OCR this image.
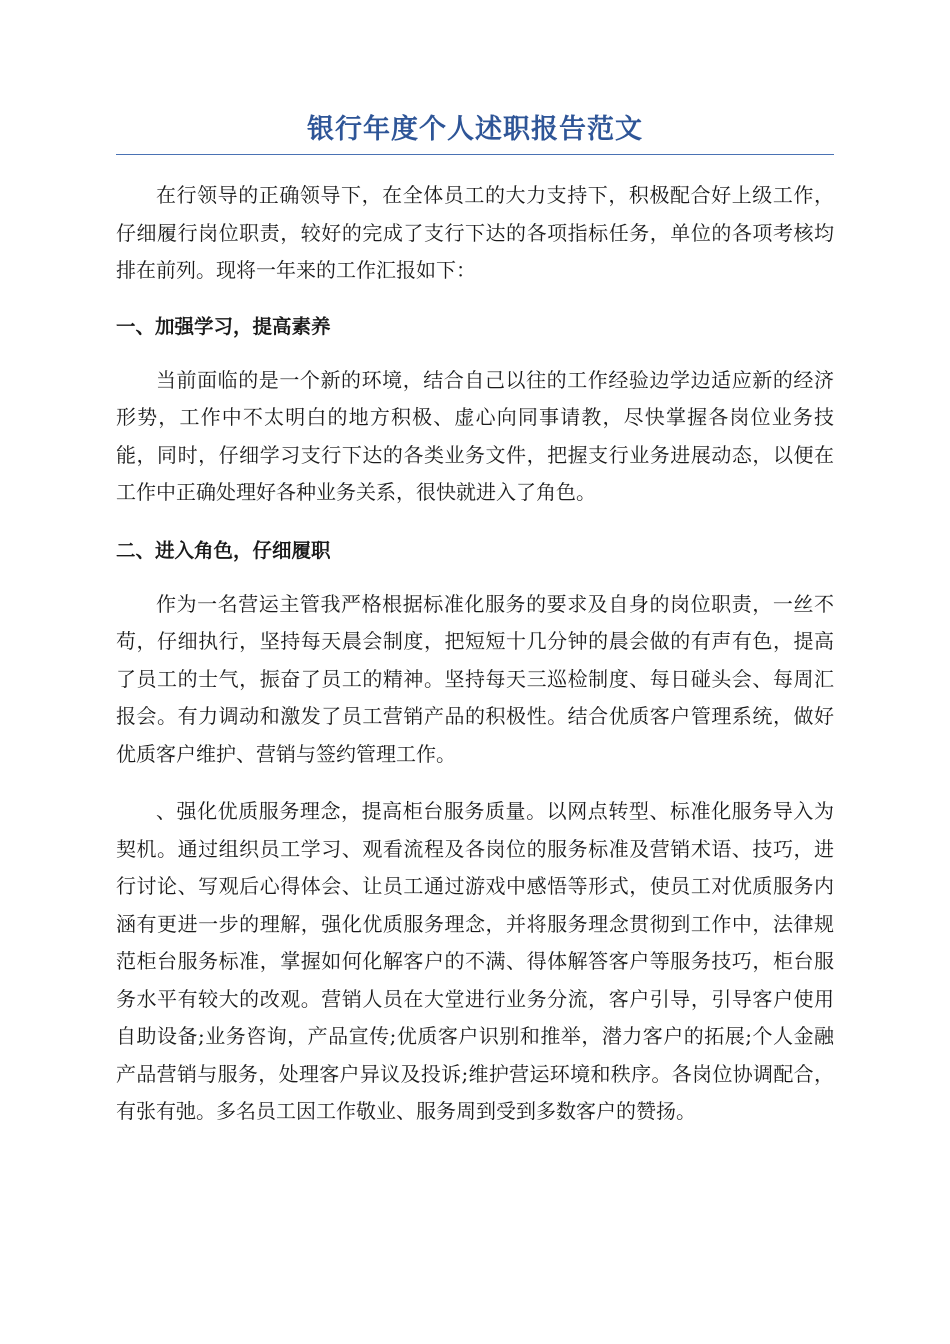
银行年度个人述职报告范文

在行领导的正确领导下，在全体员工的大力支持下，积极配合好上级工作，仔细履行岗位职责，较好的完成了支行下达的各项指标任务，单位的各项考核均排在前列。现将一年来的工作汇报如下：

一、加强学习，提高素养

当前面临的是一个新的环境，结合自己以往的工作经验边学边适应新的经济形势，工作中不太明白的地方积极、虚心向同事请教，尽快掌握各岗位业务技能，同时，仔细学习支行下达的各类业务文件，把握支行业务进展动态，以便在工作中正确处理好各种业务关系，很快就进入了角色。

二、进入角色，仔细履职

作为一名营运主管我严格根据标准化服务的要求及自身的岗位职责，一丝不苟，仔细执行，坚持每天晨会制度，把短短十几分钟的晨会做的有声有色，提高了员工的士气，振奋了员工的精神。坚持每天三巡检制度、每日碰头会、每周汇报会。有力调动和激发了员工营销产品的积极性。结合优质客户管理系统，做好优质客户维护、营销与签约管理工作。

、强化优质服务理念，提高柜台服务质量。以网点转型、标准化服务导入为契机。通过组织员工学习、观看流程及各岗位的服务标准及营销术语、技巧，进行讨论、写观后心得体会、让员工通过游戏中感悟等形式，使员工对优质服务内涵有更进一步的理解，强化优质服务理念，并将服务理念贯彻到工作中，法律规范柜台服务标准，掌握如何化解客户的不满、得体解答客户等服务技巧，柜台服务水平有较大的改观。营销人员在大堂进行业务分流，客户引导，引导客户使用自助设备;业务咨询，产品宣传;优质客户识别和推举，潜力客户的拓展;个人金融产品营销与服务，处理客户异议及投诉;维护营运环境和秩序。各岗位协调配合，有张有弛。多名员工因工作敬业、服务周到受到多数客户的赞扬。
